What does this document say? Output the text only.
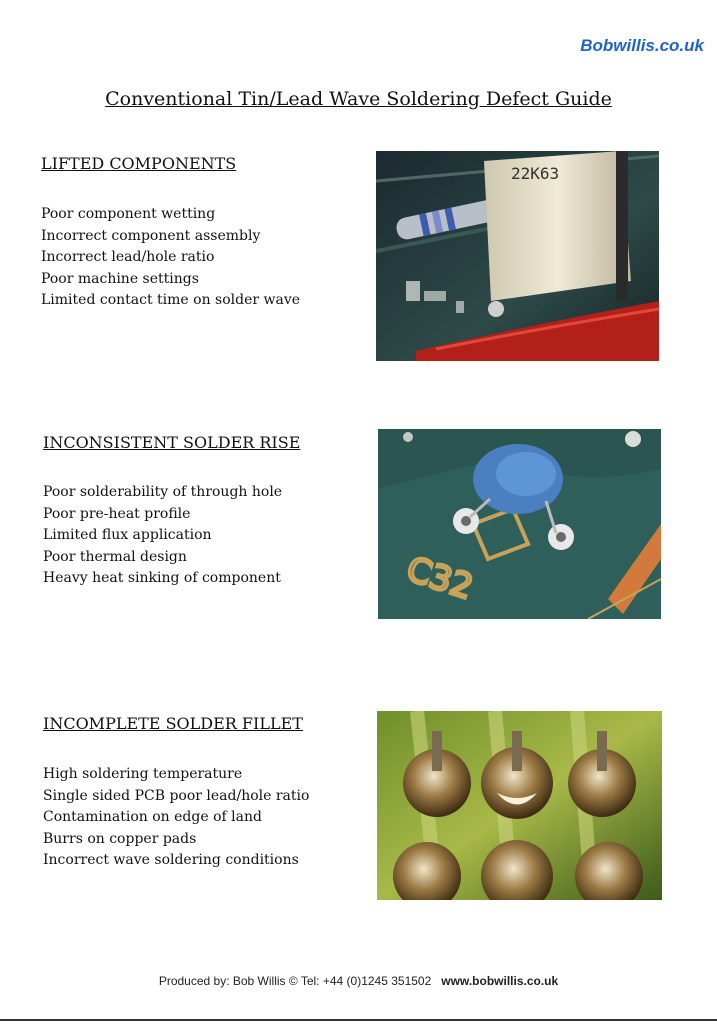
Bobwillis.co.uk
Conventional Tin/Lead Wave Soldering Defect Guide
LIFTED COMPONENTS
Poor component wetting
Incorrect component assembly
Incorrect lead/hole ratio
Poor machine settings
Limited contact time on solder wave
22K63
INCONSISTENT SOLDER RISE
Poor solderability of through hole
Poor pre-heat profile
Limited flux application
Poor thermal design
Heavy heat sinking of component	C32
INCOMPLETE SOLDER FILLET
High soldering temperature
Single sided PCB poor lead/hole ratio
Contamination on edge of land
Burrs on copper pads
Incorrect wave soldering conditions
Produced by: Bob Willis © Tel: +44 (0)1245 351502 www.bobwillis.co.uk
